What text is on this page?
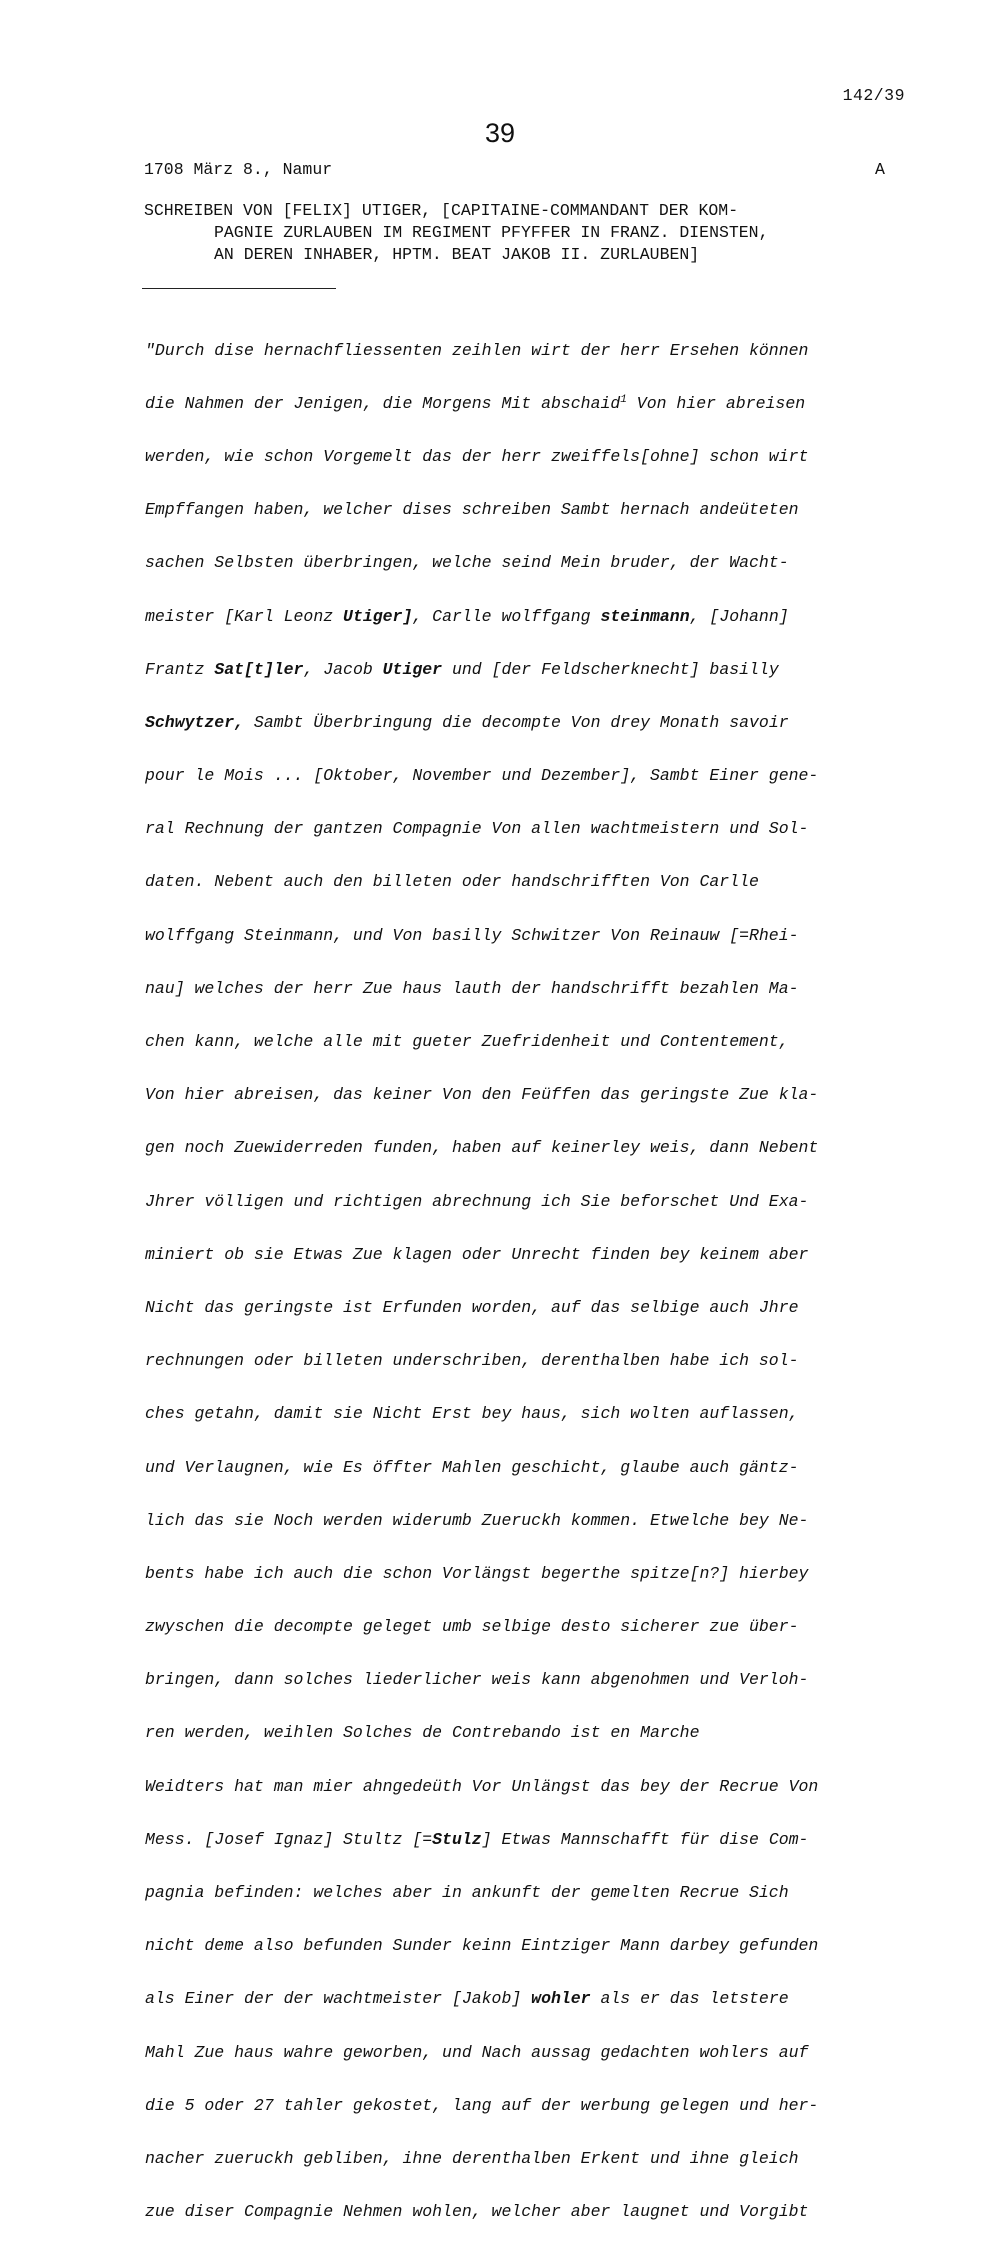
142/39
39
1708 März 8., Namur	A
SCHREIBEN VON [FELIX] UTIGER, [CAPITAINE-COMMANDANT DER KOM-
PAGNIE ZURLAUBEN IM REGIMENT PFYFFER IN FRANZ. DIENSTEN,
AN DEREN INHABER, HPTM. BEAT JAKOB II. ZURLAUBEN]

"Durch dise hernachfliessenten zeihlen wirt der herr Ersehen können

die Nahmen der Jenigen, die Morgens Mit abschaid$^1$ Von hier abreisen

werden, wie schon Vorgemelt das der herr zweiffels[ohne] schon wirt

Empffangen haben, welcher dises schreiben Sambt hernach andeüteten

sachen Selbsten überbringen, welche seind Mein bruder, der Wacht-

meister [Karl Leonz Utiger], Carlle wolffgang steinmann, [Johann]

Frantz Sat[t]ler, Jacob Utiger und [der Feldscherknecht] basilly

Schwytzer, Sambt Überbringung die decompte Von drey Monath savoir

pour le Mois ... [Oktober, November und Dezember], Sambt Einer gene-

ral Rechnung der gantzen Compagnie Von allen wachtmeistern und Sol-

daten. Nebent auch den billeten oder handschrifften Von Carlle

wolffgang Steinmann, und Von basilly Schwitzer Von Reinauw [=Rhei-

nau] welches der herr Zue haus lauth der handschrifft bezahlen Ma-

chen kann, welche alle mit gueter Zuefridenheit und Contentement,

Von hier abreisen, das keiner Von den Feüffen das geringste Zue kla-

gen noch Zuewiderreden funden, haben auf keinerley weis, dann Nebent

Jhrer völligen und richtigen abrechnung ich Sie beforschet Und Exa-

miniert ob sie Etwas Zue klagen oder Unrecht finden bey keinem aber

Nicht das geringste ist Erfunden worden, auf das selbige auch Jhre

rechnungen oder billeten underschriben, derenthalben habe ich sol-

ches getahn, damit sie Nicht Erst bey haus, sich wolten auflassen,

und Verlaugnen, wie Es öffter Mahlen geschicht, glaube auch gäntz-

lich das sie Noch werden widerumb Zueruckh kommen. Etwelche bey Ne-

bents habe ich auch die schon Vorlängst begerthe spitze[n?] hierbey

zwyschen die decompte geleget umb selbige desto sicherer zue über-

bringen, dann solches liederlicher weis kann abgenohmen und Verloh-

ren werden, weihlen Solches de Contrebando ist en Marche

Weidters hat man mier ahngedeüth Vor Unlängst das bey der Recrue Von

Mess. [Josef Ignaz] Stultz [=Stulz] Etwas Mannschafft für dise Com-

pagnia befinden: welches aber in ankunft der gemelten Recrue Sich

nicht deme also befunden Sunder keinn Eintziger Mann darbey gefunden

als Einer der der wachtmeister [Jakob] wohler als er das letstere

Mahl Zue haus wahre geworben, und Nach aussag gedachten wohlers auf

die 5 oder 27 tahler gekostet, lang auf der werbung gelegen und her-

nacher zueruckh gebliben, ihne derenthalben Erkent und ihne gleich

zue diser Compagnie Nehmen wohlen, welcher aber laugnet und Vorgibt
